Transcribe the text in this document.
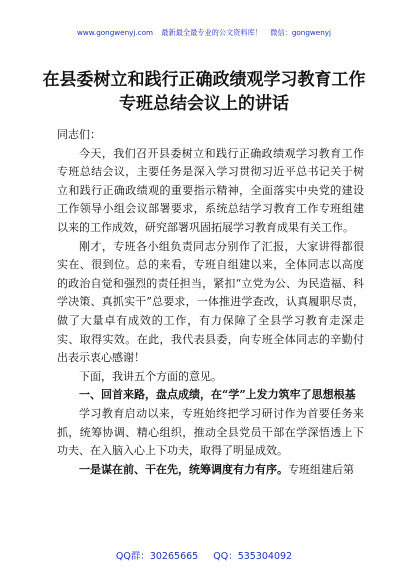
www.gongwenyj.com 最新最全最专业的公文资料库！ 微信：gongwenyj
在县委树立和践行正确政绩观学习教育工作专班总结会议上的讲话

同志们：

今天，我们召开县委树立和践行正确政绩观学习教育工作专班总结会议，主要任务是深入学习贯彻习近平总书记关于树立和践行正确政绩观的重要指示精神，全面落实中央党的建设工作领导小组会议部署要求，系统总结学习教育工作专班组建以来的工作成效，研究部署巩固拓展学习教育成果有关工作。

刚才，专班各小组负责同志分别作了汇报，大家讲得都很实在、很到位。总的来看，专班自组建以来，全体同志以高度的政治自觉和强烈的责任担当，紧扣“立党为公、为民造福、科学决策、真抓实干”总要求，一体推进学查改，认真履职尽责，做了大量卓有成效的工作，有力保障了全县学习教育走深走实、取得实效。在此，我代表县委，向专班全体同志的辛勤付出表示衷心感谢！

下面，我讲五个方面的意见。

一、回首来路，盘点成绩，在“学”上发力筑牢了思想根基

学习教育启动以来，专班始终把学习研讨作为首要任务来抓，统筹协调、精心组织，推动全县党员干部在学深悟透上下功夫、在入脑入心上下功夫，取得了明显成效。

一是谋在前、干在先，统筹调度有力有序。专班组建后第

QQ群：30265665 QQ：535304092
